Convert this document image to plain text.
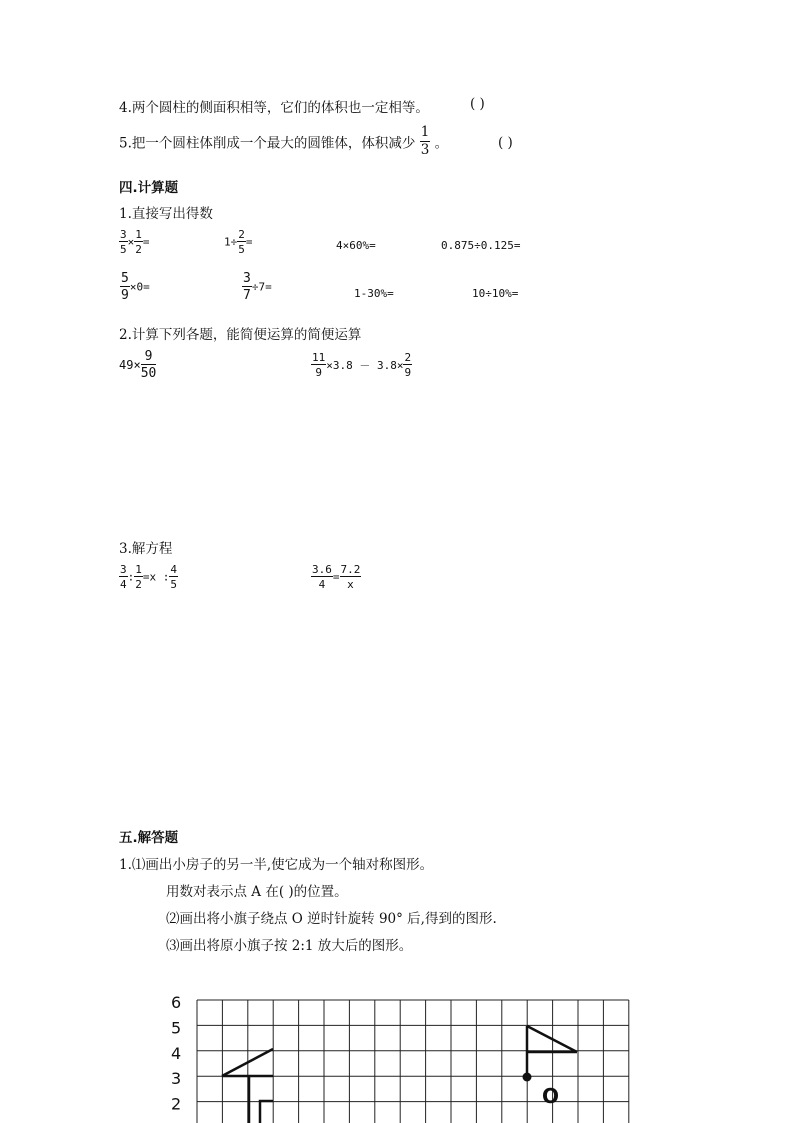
4.两个圆柱的侧面积相等，它们的体积也一定相等。	( )
5.把一个圆柱体削成一个最大的圆锥体，体积减少 $\frac{1}{3}$ 。	( )
四.计算题
1.直接写出得数
$\frac{3}{5} \times \frac{1}{2}$ =	$1\div \frac{2}{5}$ =	4×60%=	0.875÷0.125=
$\frac{5}{9} \times 0=$	$\frac{3}{7} \div 7=$	1-30%=	10÷10%=
2.计算下列各题，能简便运算的简便运算
$49\times \frac{9}{50}$	$\frac{11}{9} \times 3.8 - 3.8\times \frac{2}{9}$
3.解方程
$\frac{3}{4}$ : $\frac{1}{2} =x$ : $\frac{4}{5}$	$\frac{3.6}{4} = \frac{7.2}{x}$
五.解答题
1.⑴画出小房子的另一半,使它成为一个轴对称图形。
用数对表示点 A 在( )的位置。
⑵画出将小旗子绕点 O 逆时针旋转 90° 后,得到的图形.
⑶画出将原小旗子按 2:1 放大后的图形。
6
5
4
3
2	O
